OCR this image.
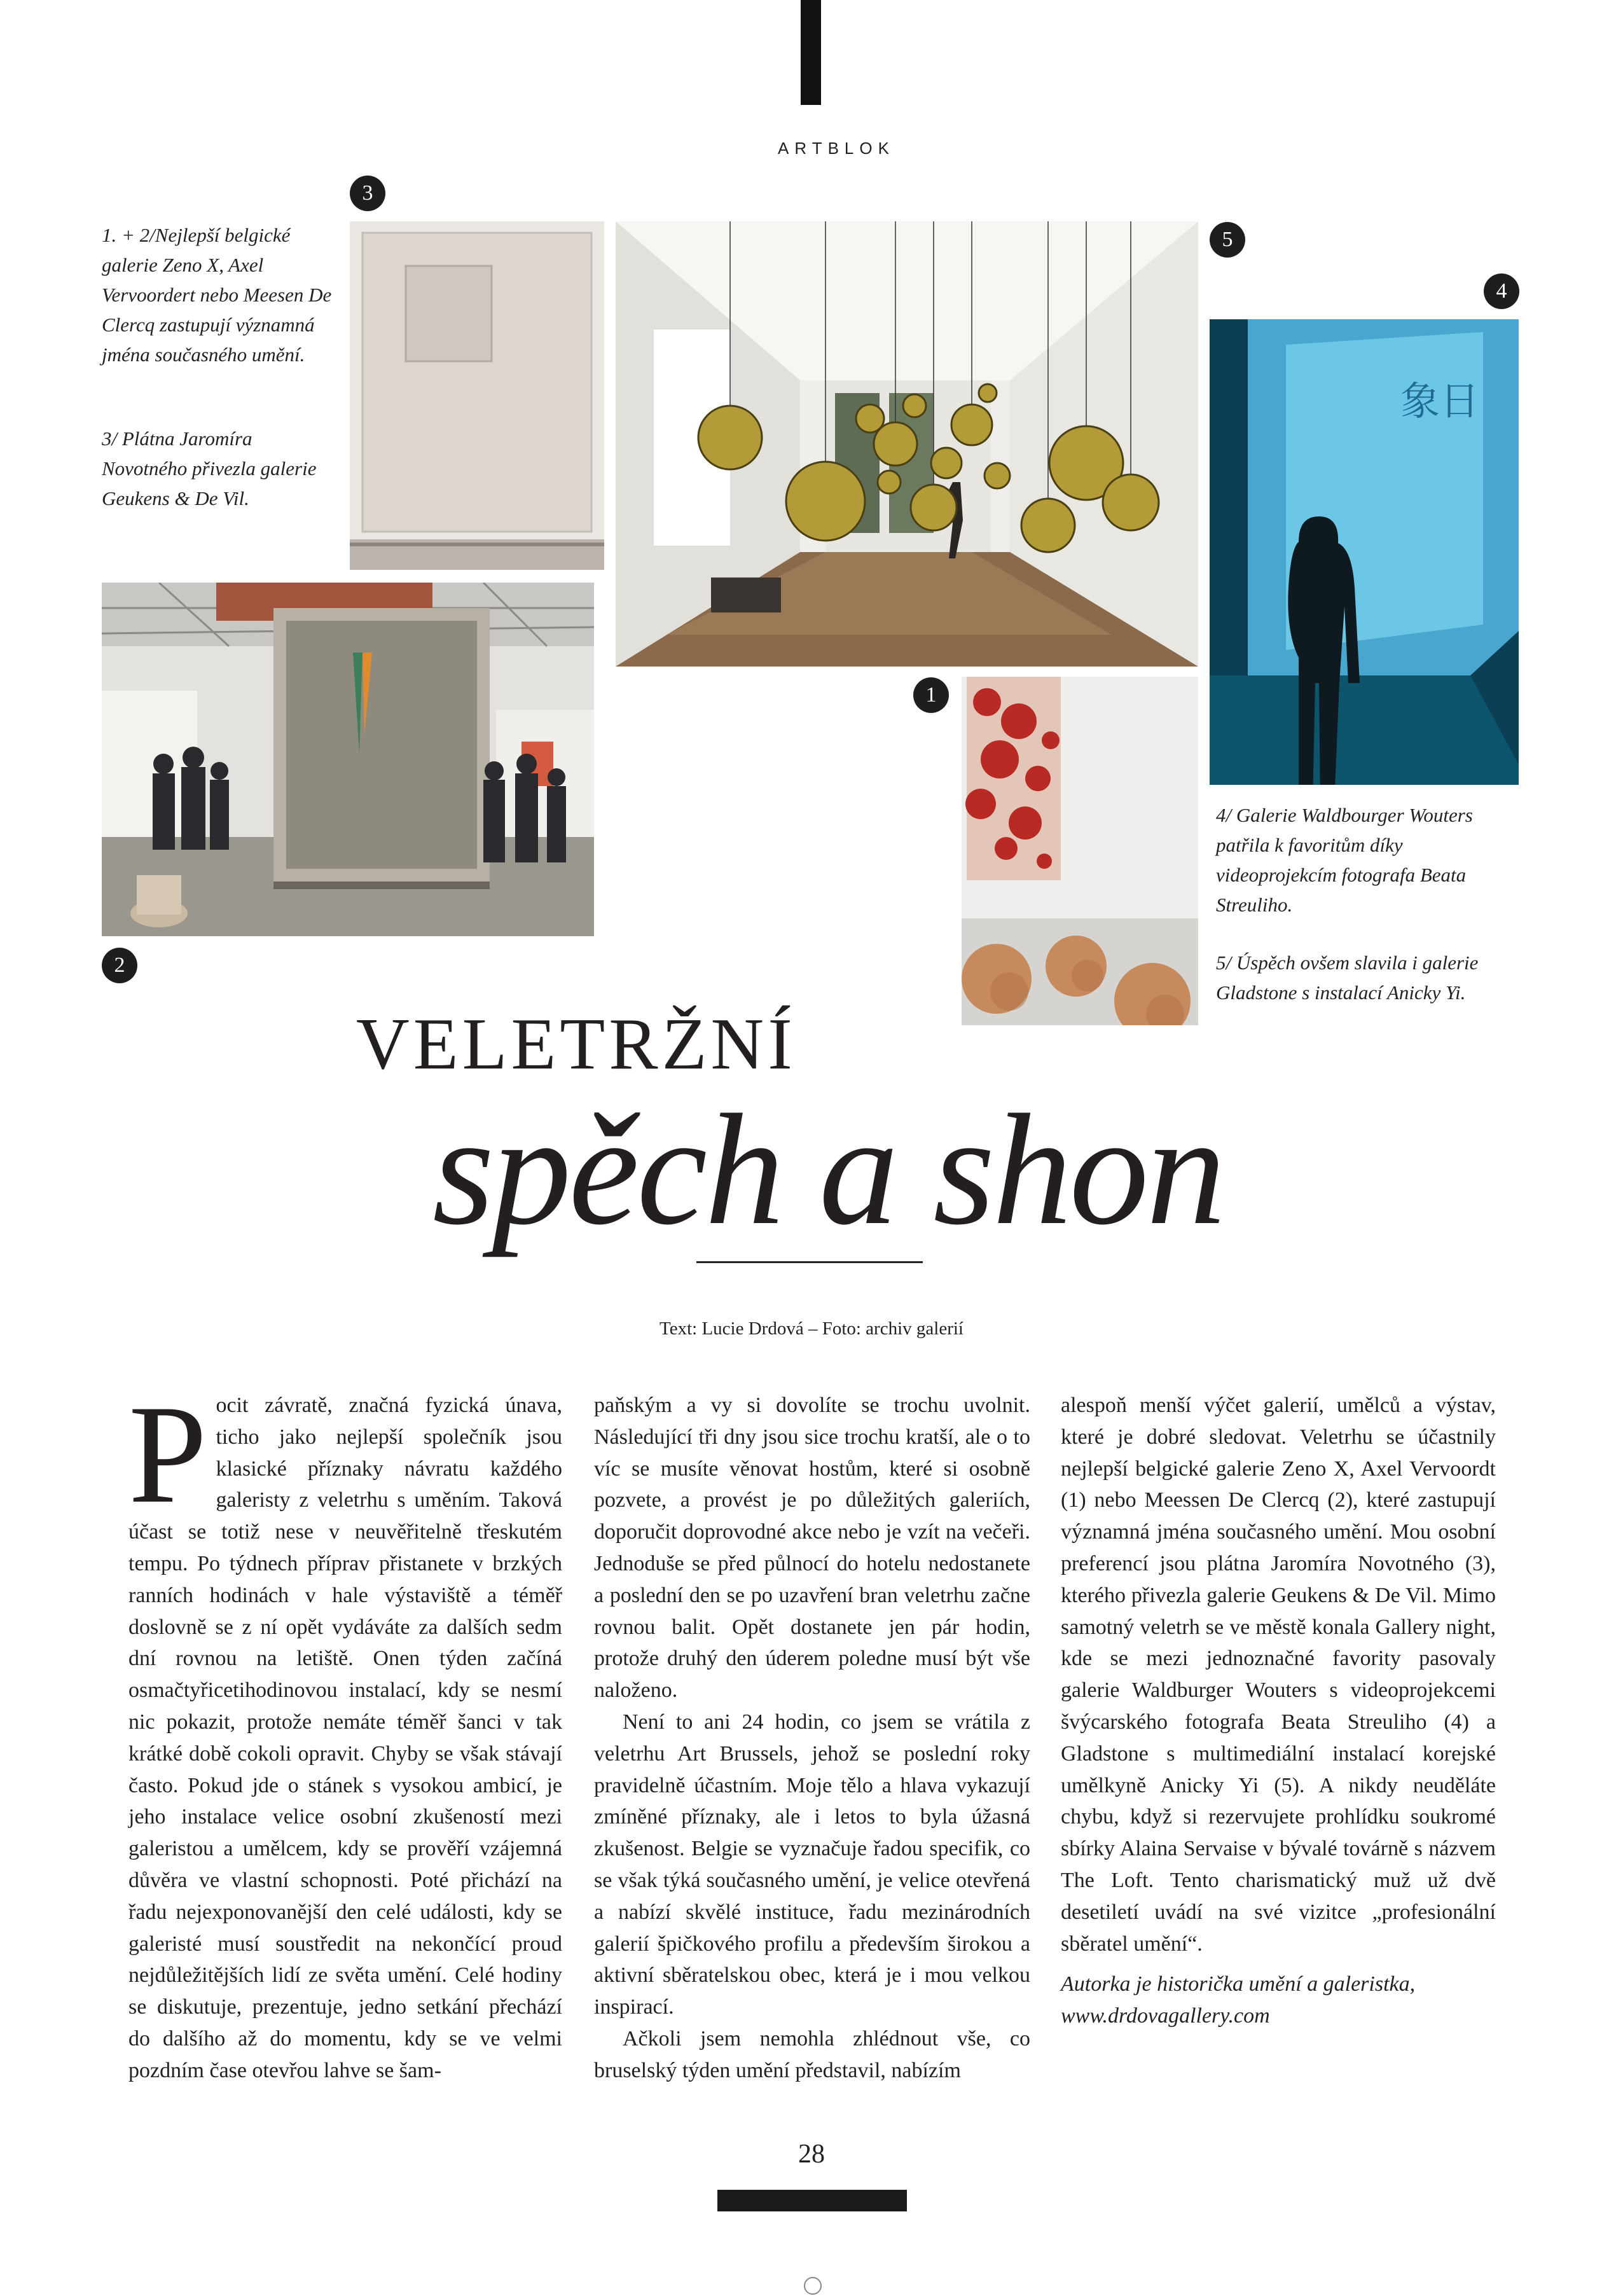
ARTBLOK
象日
3
5
4
1
2
1. + 2/Nejlepší belgické galerie Zeno X, Axel Vervoordert nebo Meesen De Clercq zastupují významná jména současného umění.
3/ Plátna Jaromíra Novotného přivezla galerie Geukens & De Vil.
4/ Galerie Waldbourger Wouters patřila k favoritům díky videoprojekcím fotografa Beata Streuliho.
5/ Úspěch ovšem slavila i galerie Gladstone s instalací Anicky Yi.
VELETRŽNÍ
spěch a shon
Text: Lucie Drdová – Foto: archiv galerií
P ocit závratě, značná fyzická únava, ticho jako nejlepší společník jsou klasické příznaky návratu každého galeristy z veletrhu s uměním. Taková účast se totiž nese v neuvěřitelně třeskutém tempu. Po týdnech příprav přistanete v brzkých ranních hodinách v hale výstaviště a téměř doslovně se z ní opět vydáváte za dalších sedm dní rovnou na letiště. Onen týden začíná osmačtyřicetihodinovou instalací, kdy se nesmí nic pokazit, protože nemáte téměř šanci v tak krátké době cokoli opravit. Chyby se však stávají často. Pokud jde o stánek s vysokou ambicí, je jeho instalace velice osobní zkušeností mezi galeristou a umělcem, kdy se prověří vzájemná důvěra ve vlastní schopnosti. Poté přichází na řadu nejexponovanější den celé události, kdy se galeristé musí soustředit na nekončící proud nejdůležitějších lidí ze světa umění. Celé hodiny se diskutuje, prezentuje, jedno setkání přechází do dalšího až do momentu, kdy se ve velmi pozdním čase otevřou lahve se šam-

paňským a vy si dovolíte se trochu uvolnit. Následující tři dny jsou sice trochu kratší, ale o to víc se musíte věnovat hostům, které si osobně pozvete, a provést je po důležitých galeriích, doporučit doprovodné akce nebo je vzít na večeři. Jednoduše se před půlnocí do hotelu nedostanete a poslední den se po uzavření bran veletrhu začne rovnou balit. Opět dostanete jen pár hodin, protože druhý den úderem poledne musí být vše naloženo.

Není to ani 24 hodin, co jsem se vrátila z veletrhu Art Brussels, jehož se poslední roky pravidelně účastním. Moje tělo a hlava vykazují zmíněné příznaky, ale i letos to byla úžasná zkušenost. Belgie se vyznačuje řadou specifik, co se však týká současného umění, je velice otevřená a nabízí skvělé instituce, řadu mezinárodních galerií špičkového profilu a především širokou a aktivní sběratelskou obec, která je i mou velkou inspirací.

Ačkoli jsem nemohla zhlédnout vše, co bruselský týden umění představil, nabízím

alespoň menší výčet galerií, umělců a výstav, které je dobré sledovat. Veletrhu se účastnily nejlepší belgické galerie Zeno X, Axel Vervoordt (1) nebo Meessen De Clercq (2), které zastupují významná jména současného umění. Mou osobní preferencí jsou plátna Jaromíra Novotného (3), kterého přivezla galerie Geukens & De Vil. Mimo samotný veletrh se ve městě konala Gallery night, kde se mezi jednoznačné favority pasovaly galerie Waldburger Wouters s videoprojekcemi švýcarského fotografa Beata Streuliho (4) a Gladstone s multimediální instalací korejské umělkyně Anicky Yi (5). A nikdy neuděláte chybu, když si rezervujete prohlídku soukromé sbírky Alaina Servaise v bývalé továrně s názvem The Loft. Tento charismatický muž už dvě desetiletí uvádí na své vizitce „profesionální sběratel umění“.

Autorka je historička umění a galeristka,

www.drdovagallery.com

28
